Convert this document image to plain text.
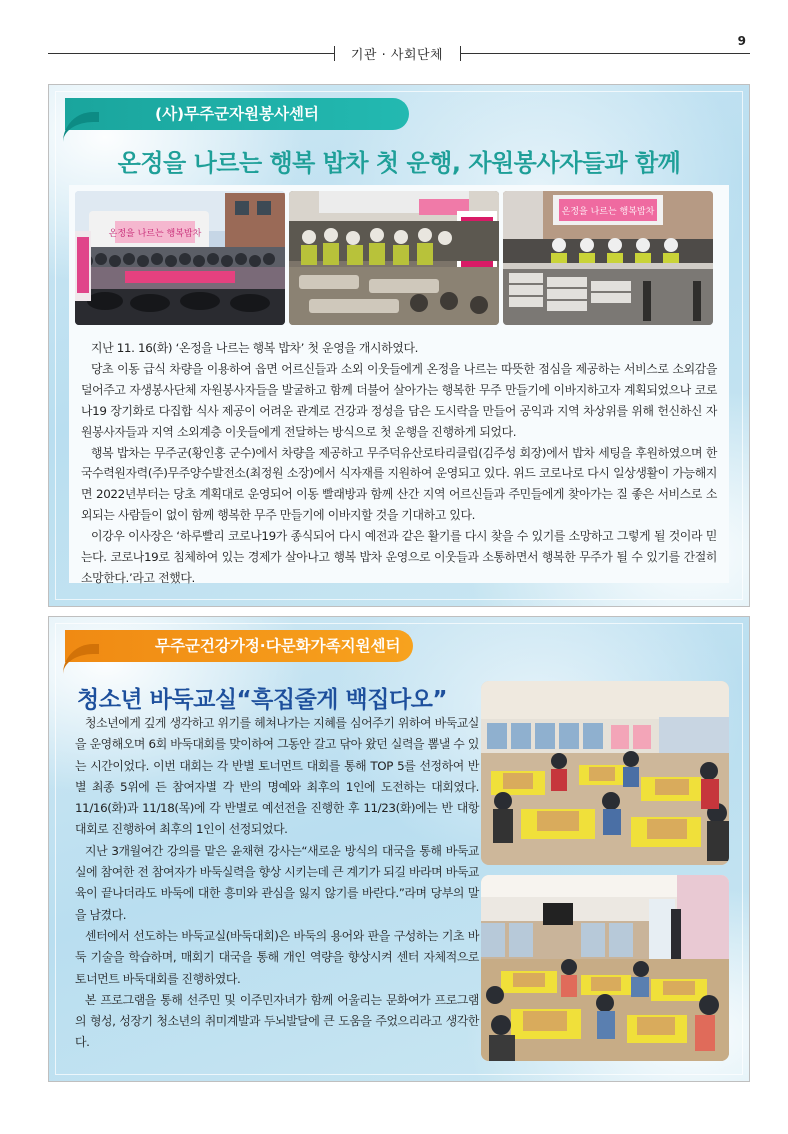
기관 · 사회단체
9
(사)무주군자원봉사센터
온정을 나르는 행복 밥차 첫 운행, 자원봉사자들과 함께
온정을 나르는 행복밥차
온정을 나르는 행복밥차

지난 11. 16(화) ‘온정을 나르는 행복 밥차’ 첫 운영을 개시하였다.

당초 이동 급식 차량을 이용하여 읍면 어르신들과 소외 이웃들에게 온정을 나르는 따뜻한 점심을 제공하는 서비스로 소외감을 덜어주고 자생봉사단체 자원봉사자들을 발굴하고 함께 더불어 살아가는 행복한 무주 만들기에 이바지하고자 계획되었으나 코로나19 장기화로 다집합 식사 제공이 어려운 관계로 건강과 정성을 담은 도시락을 만들어 공익과 지역 차상위를 위해 헌신하신 자원봉사자들과 지역 소외계층 이웃들에게 전달하는 방식으로 첫 운행을 진행하게 되었다.

행복 밥차는 무주군(황인홍 군수)에서 차량을 제공하고 무주덕유산로타리클럽(김주성 회장)에서 밥차 세팅을 후원하였으며 한국수력원자력(주)무주양수발전소(최정원 소장)에서 식자재를 지원하여 운영되고 있다. 위드 코로나로 다시 일상생활이 가능해지면 2022년부터는 당초 계획대로 운영되어 이동 빨래방과 함께 산간 지역 어르신들과 주민들에게 찾아가는 질 좋은 서비스로 소외되는 사람들이 없이 함께 행복한 무주 만들기에 이바지할 것을 기대하고 있다.

이강우 이사장은 ‘하루빨리 코로나19가 종식되어 다시 예전과 같은 활기를 다시 찾을 수 있기를 소망하고 그렇게 될 것이라 믿는다. 코로나19로 침체하여 있는 경제가 살아나고 행복 밥차 운영으로 이웃들과 소통하면서 행복한 무주가 될 수 있기를 간절히 소망한다.’라고 전했다.

무주군건강가정·다문화가족지원센터
청소년 바둑교실“흑집줄게 백집다오”

청소년에게 깊게 생각하고 위기를 헤쳐나가는 지혜를 심어주기 위하여 바둑교실을 운영해오며 6회 바둑대회를 맞이하여 그동안 갈고 닦아 왔던 실력을 뽐낼 수 있는 시간이었다. 이번 대회는 각 반별 토너먼트 대회를 통해 TOP 5를 선정하여 반별 최종 5위에 든 참여자별 각 반의 명예와 최후의 1인에 도전하는 대회였다. 11/16(화)과 11/18(목)에 각 반별로 예선전을 진행한 후 11/23(화)에는 반 대항 대회로 진행하여 최후의 1인이 선정되었다.

지난 3개월여간 강의를 맡은 윤채현 강사는“새로운 방식의 대국을 통해 바둑교실에 참여한 전 참여자가 바둑실력을 향상 시키는데 큰 계기가 되길 바라며 바둑교육이 끝나더라도 바둑에 대한 흥미와 관심을 잃지 않기를 바란다.”라며 당부의 말을 남겼다.

센터에서 선도하는 바둑교실(바둑대회)은 바둑의 용어와 판을 구성하는 기초 바둑 기술을 학습하며, 매회기 대국을 통해 개인 역량을 향상시켜 센터 자체적으로 토너먼트 바둑대회를 진행하였다.

본 프로그램을 통해 선주민 및 이주민자녀가 함께 어울리는 문화여가 프로그램의 형성, 성장기 청소년의 취미계발과 두뇌발달에 큰 도움을 주었으리라고 생각한다.
